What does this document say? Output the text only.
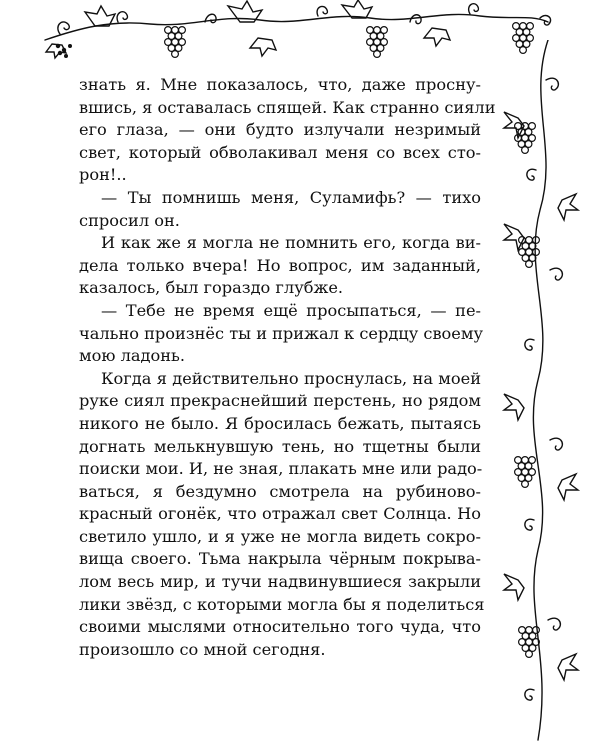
знать я. Мне показалось, что, даже просну-
вшись, я оставалась спящей. Как странно сияли
его глаза, — они будто излучали незримый
свет, который обволакивал меня со всех сто-
рон!..

— Ты помнишь меня, Суламифь? — тихо
спросил он.

И как же я могла не помнить его, когда ви-
дела только вчера! Но вопрос, им заданный,
казалось, был гораздо глубже.

— Тебе не время ещё просыпаться, — пе-
чально произнёс ты и прижал к сердцу своему
мою ладонь.

Когда я действительно проснулась, на моей
руке сиял прекраснейший перстень, но рядом
никого не было. Я бросилась бежать, пытаясь
догнать мелькнувшую тень, но тщетны были
поиски мои. И, не зная, плакать мне или радо-
ваться, я бездумно смотрела на рубиново-
красный огонёк, что отражал свет Солнца. Но
светило ушло, и я уже не могла видеть сокро-
вища своего. Тьма накрыла чёрным покрыва-
лом весь мир, и тучи надвинувшиеся закрыли
лики звёзд, с которыми могла бы я поделиться
своими мыслями относительно того чуда, что
произошло со мной сегодня.
